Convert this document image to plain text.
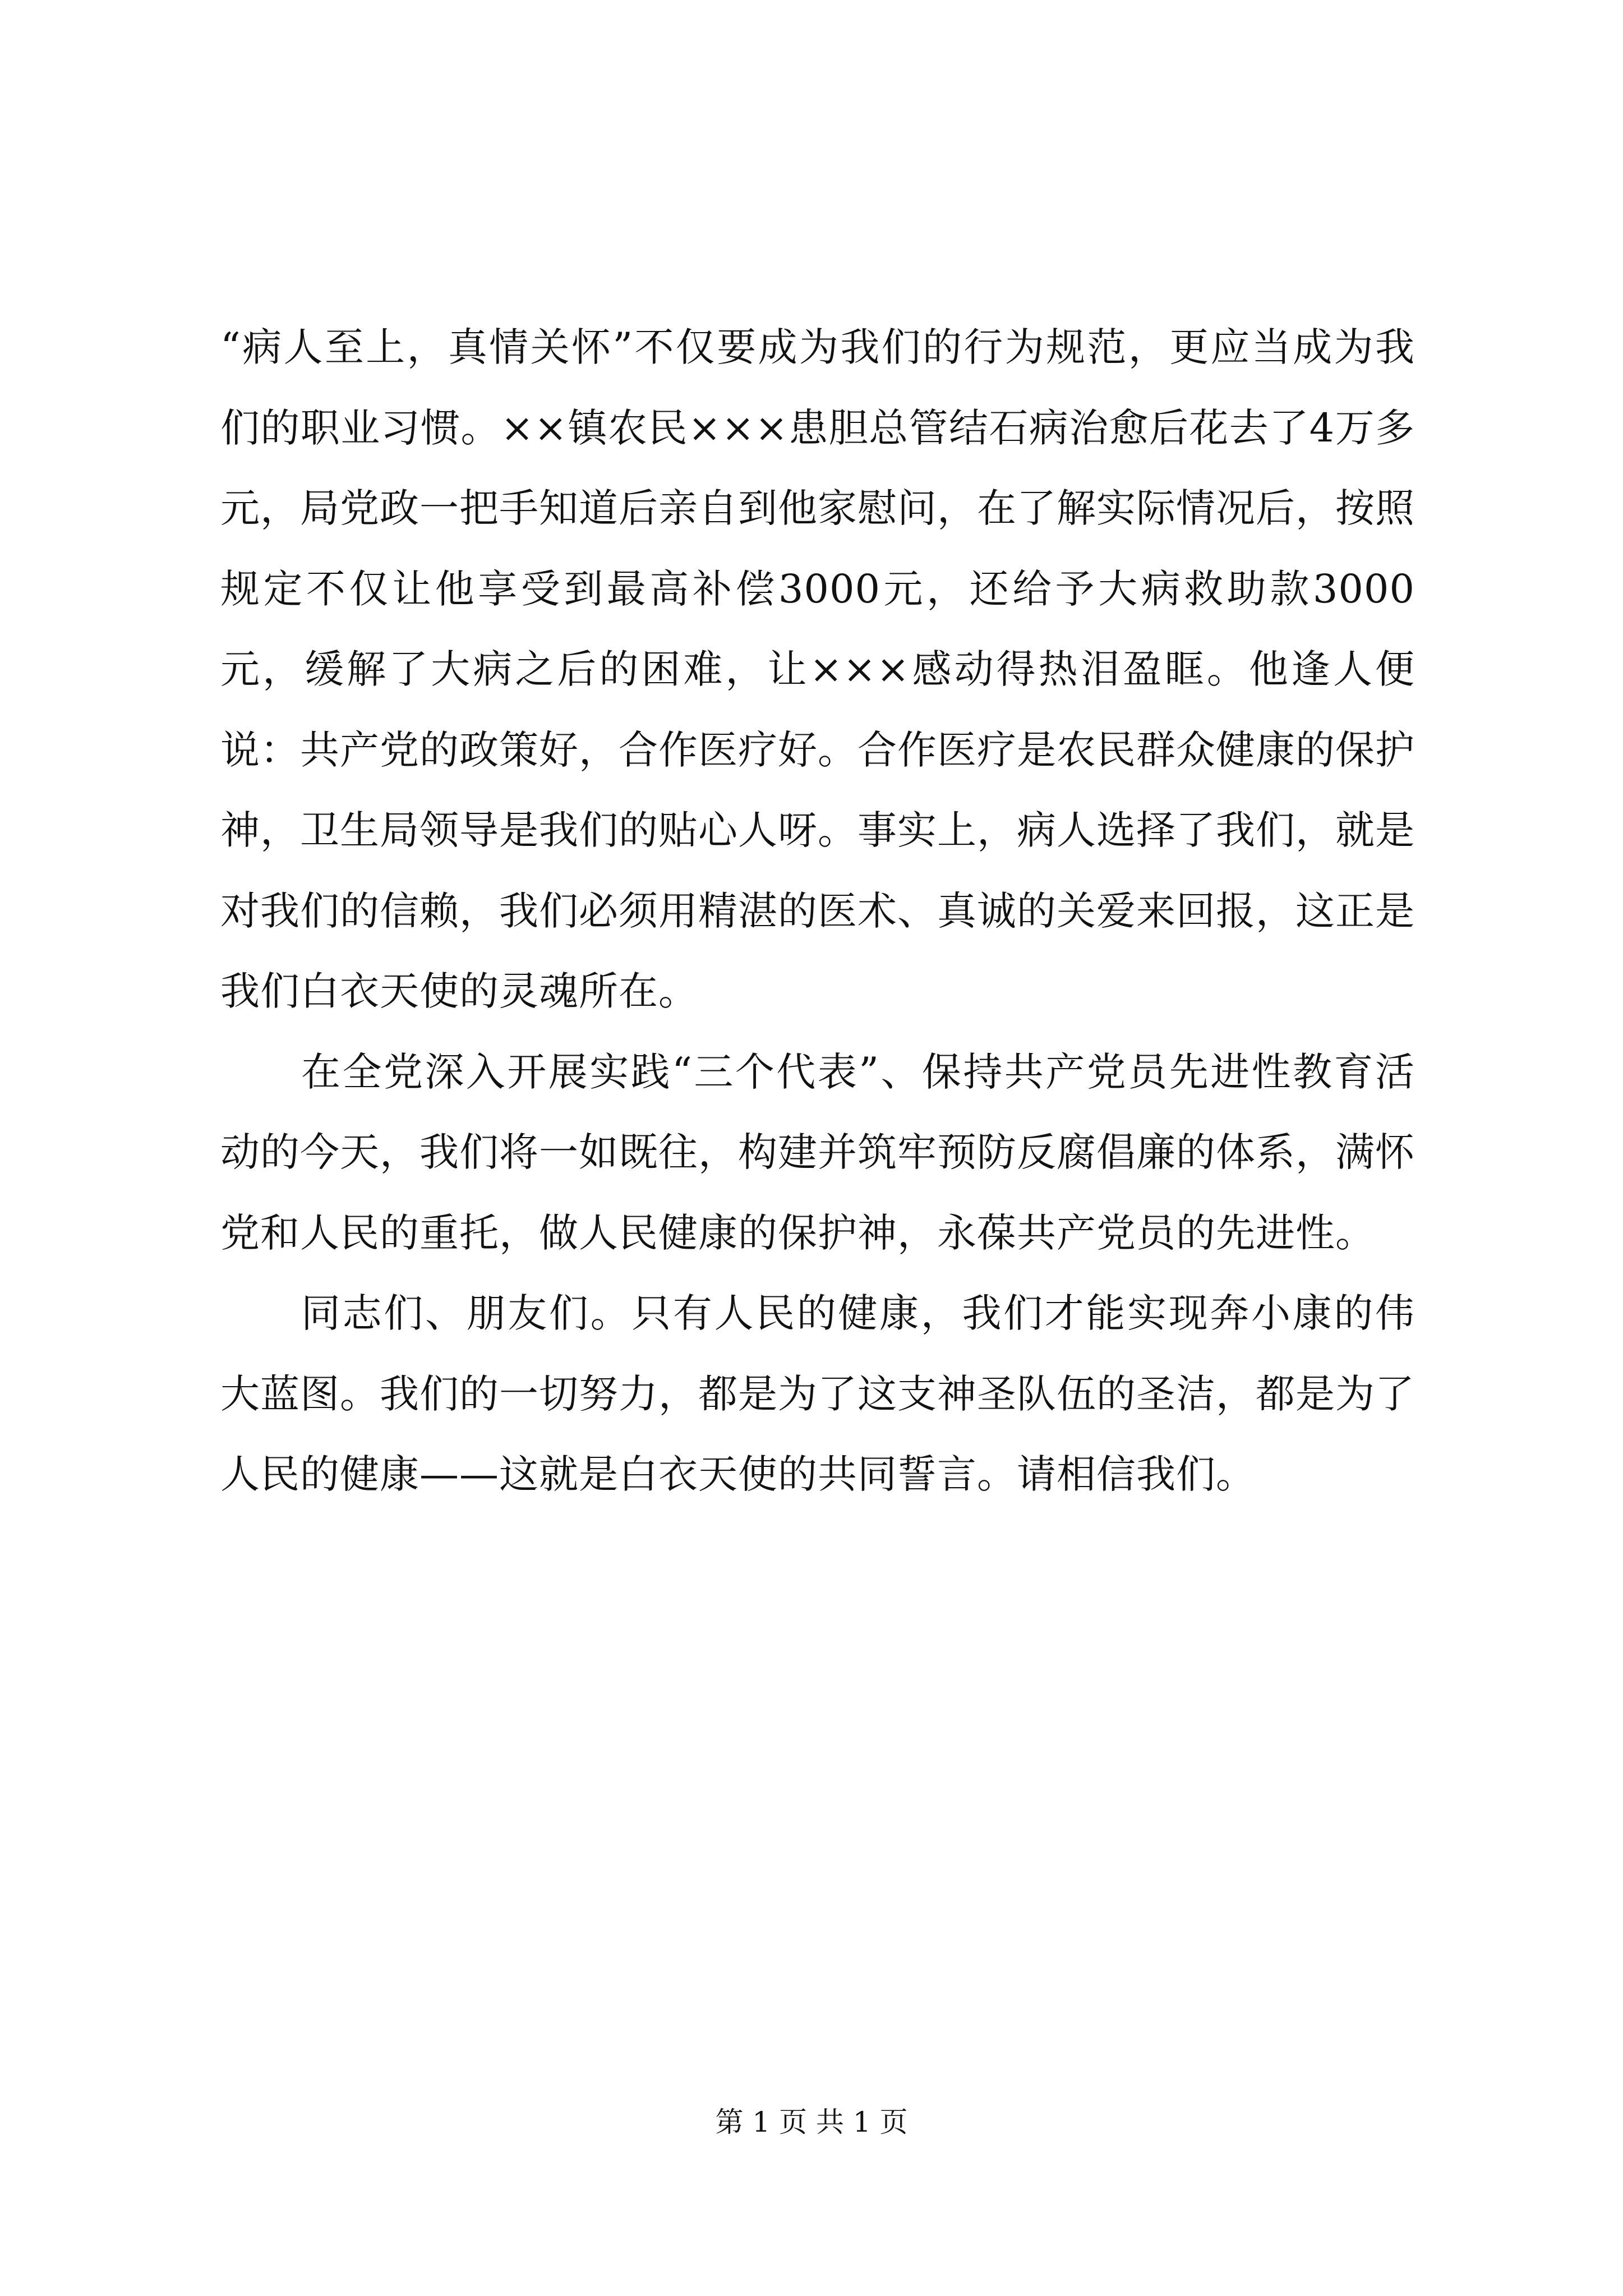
“病人至上，真情关怀”不仅要成为我们的行为规范，更应当成为我们的职业习惯。××镇农民×××患胆总管结石病治愈后花去了4万多元，局党政一把手知道后亲自到他家慰问，在了解实际情况后，按照规定不仅让他享受到最高补偿3000元，还给予大病救助款3000元，缓解了大病之后的困难，让×××感动得热泪盈眶。他逢人便说：共产党的政策好，合作医疗好。合作医疗是农民群众健康的保护神，卫生局领导是我们的贴心人呀。事实上，病人选择了我们，就是对我们的信赖，我们必须用精湛的医术、真诚的关爱来回报，这正是我们白衣天使的灵魂所在。

在全党深入开展实践“三个代表”、保持共产党员先进性教育活动的今天，我们将一如既往，构建并筑牢预防反腐倡廉的体系，满怀党和人民的重托，做人民健康的保护神，永葆共产党员的先进性。

同志们、朋友们。只有人民的健康，我们才能实现奔小康的伟大蓝图。我们的一切努力，都是为了这支神圣队伍的圣洁，都是为了人民的健康——这就是白衣天使的共同誓言。请相信我们。

第 1 页 共 1 页
